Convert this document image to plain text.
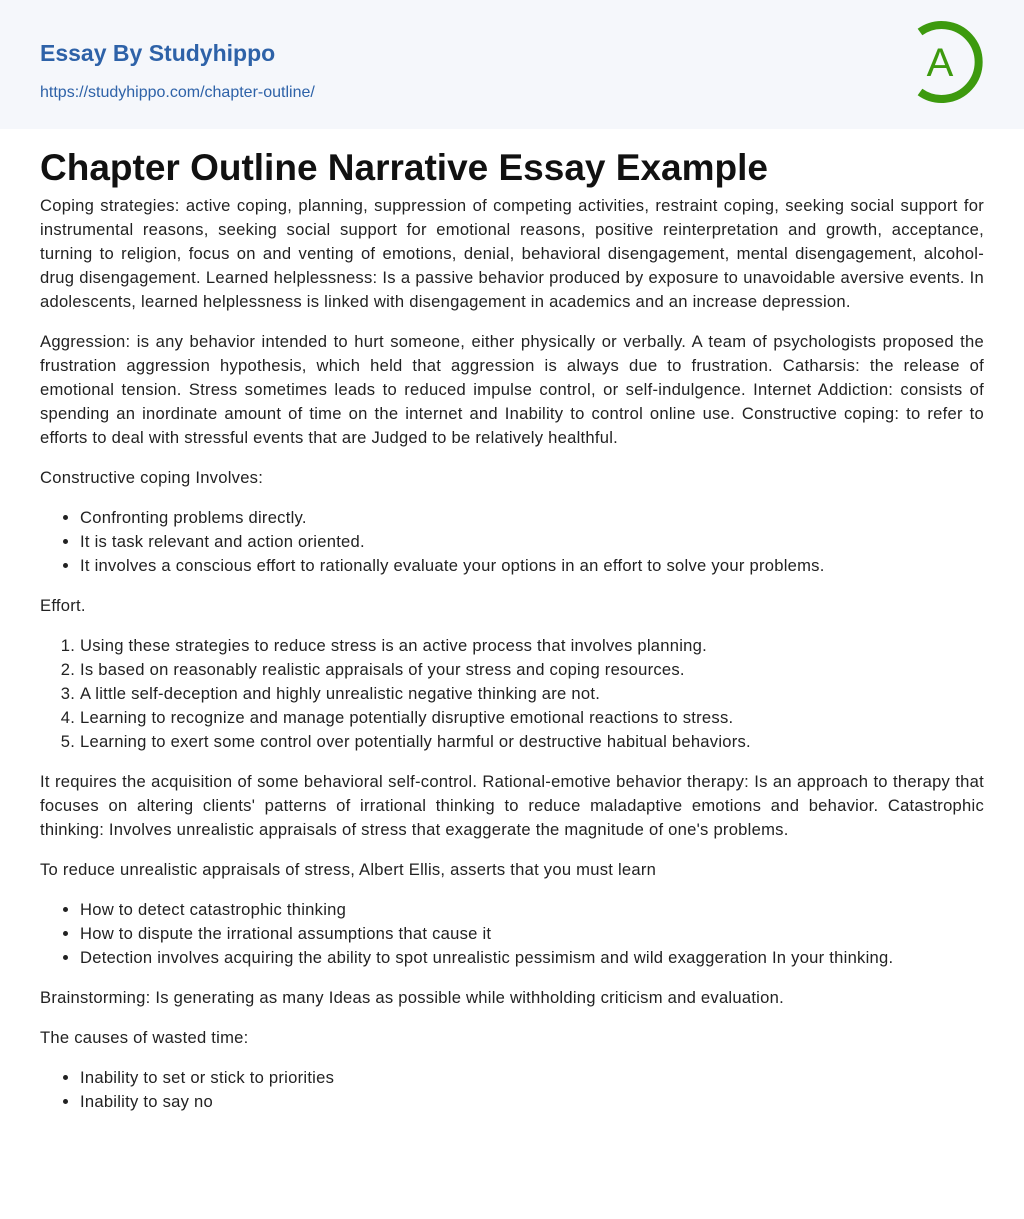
Essay By Studyhippo
https://studyhippo.com/chapter-outline/
A
Chapter Outline Narrative Essay Example

Coping strategies: active coping, planning, suppression of competing activities, restraint coping, seeking social support for instrumental reasons, seeking social support for emotional reasons, positive reinterpretation and growth, acceptance, turning to religion, focus on and venting of emotions, denial, behavioral disengagement, mental disengagement, alcohol-drug disengagement. Learned helplessness: Is a passive behavior produced by exposure to unavoidable aversive events. In adolescents, learned helplessness is linked with disengagement in academics and an increase depression.

Aggression: is any behavior intended to hurt someone, either physically or verbally. A team of psychologists proposed the frustration aggression hypothesis, which held that aggression is always due to frustration. Catharsis: the release of emotional tension. Stress sometimes leads to reduced impulse control, or self-indulgence. Internet Addiction: consists of spending an inordinate amount of time on the internet and Inability to control online use. Constructive coping: to refer to efforts to deal with stressful events that are Judged to be relatively healthful.

Constructive coping Involves:

• Confronting problems directly.
• It is task relevant and action oriented.
• It involves a conscious effort to rationally evaluate your options in an effort to solve your problems.

Effort.

1. Using these strategies to reduce stress is an active process that involves planning.
2. Is based on reasonably realistic appraisals of your stress and coping resources.
3. A little self-deception and highly unrealistic negative thinking are not.
4. Learning to recognize and manage potentially disruptive emotional reactions to stress.
5. Learning to exert some control over potentially harmful or destructive habitual behaviors.

It requires the acquisition of some behavioral self-control. Rational-emotive behavior therapy: Is an approach to therapy that focuses on altering clients' patterns of irrational thinking to reduce maladaptive emotions and behavior. Catastrophic thinking: Involves unrealistic appraisals of stress that exaggerate the magnitude of one's problems.

To reduce unrealistic appraisals of stress, Albert Ellis, asserts that you must learn

• How to detect catastrophic thinking
• How to dispute the irrational assumptions that cause it
• Detection involves acquiring the ability to spot unrealistic pessimism and wild exaggeration In your thinking.

Brainstorming: Is generating as many Ideas as possible while withholding criticism and evaluation.

The causes of wasted time:

• Inability to set or stick to priorities
• Inability to say no
